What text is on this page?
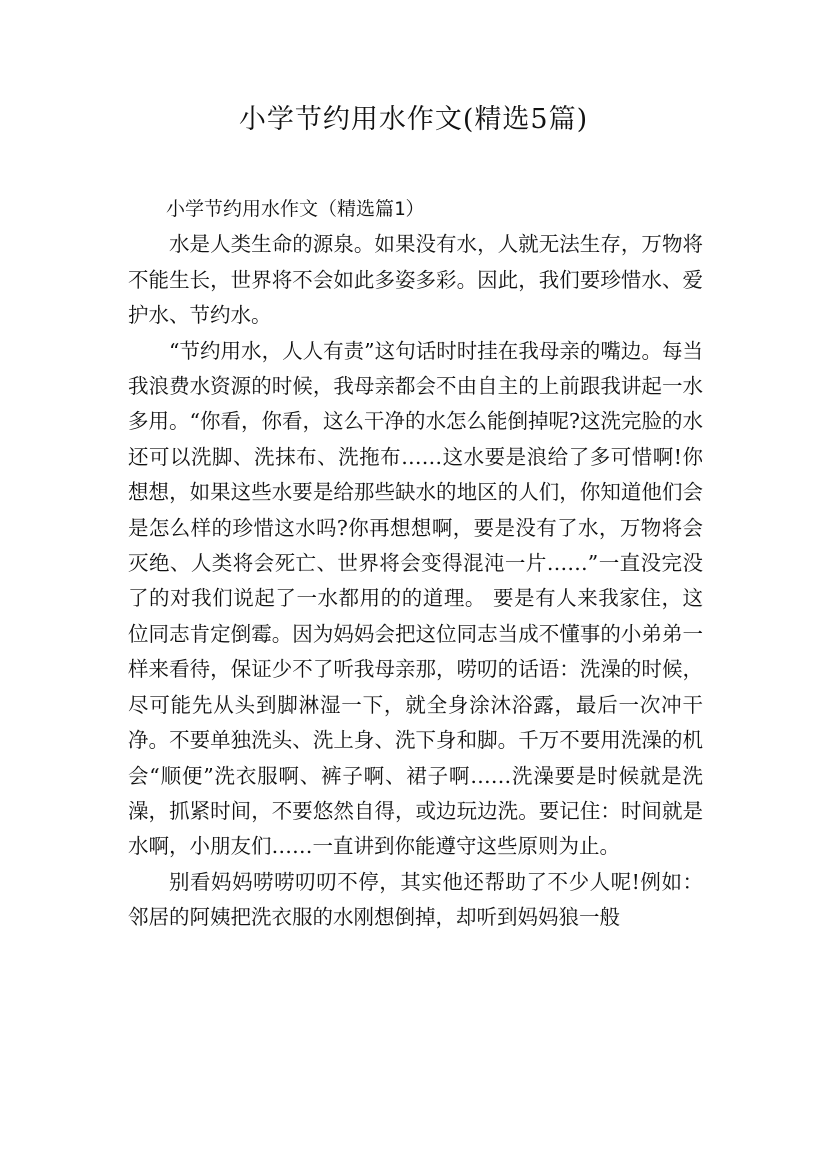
小学节约用水作文(精选5篇)

小学节约用水作文（精选篇1）

水是人类生命的源泉。如果没有水，人就无法生存，万物将不能生长，世界将不会如此多姿多彩。因此，我们要珍惜水、爱护水、节约水。

“节约用水，人人有责”这句话时时挂在我母亲的嘴边。每当我浪费水资源的时候，我母亲都会不由自主的上前跟我讲起一水多用。“你看，你看，这么干净的水怎么能倒掉呢?这洗完脸的水还可以洗脚、洗抹布、洗拖布……这水要是浪给了多可惜啊!你想想，如果这些水要是给那些缺水的地区的人们，你知道他们会是怎么样的珍惜这水吗?你再想想啊，要是没有了水，万物将会灭绝、人类将会死亡、世界将会变得混沌一片……”一直没完没了的对我们说起了一水都用的的道理。 要是有人来我家住，这位同志肯定倒霉。因为妈妈会把这位同志当成不懂事的小弟弟一样来看待，保证少不了听我母亲那，唠叨的话语：洗澡的时候，尽可能先从头到脚淋湿一下，就全身涂沐浴露，最后一次冲干净。不要单独洗头、洗上身、洗下身和脚。千万不要用洗澡的机会“顺便”洗衣服啊、裤子啊、裙子啊……洗澡要是时候就是洗澡，抓紧时间，不要悠然自得，或边玩边洗。要记住：时间就是水啊，小朋友们……一直讲到你能遵守这些原则为止。

别看妈妈唠唠叨叨不停，其实他还帮助了不少人呢!例如：邻居的阿姨把洗衣服的水刚想倒掉，却听到妈妈狼一般
